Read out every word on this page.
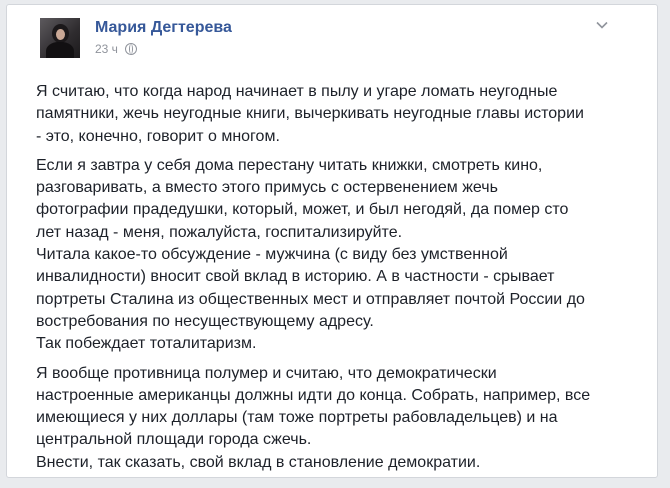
Мария Дегтерева
23 ч

Я считаю, что когда народ начинает в пылу и угаре ломать неугодные

памятники, жечь неугодные книги, вычеркивать неугодные главы истории

- это, конечно, говорит о многом.

Если я завтра у себя дома перестану читать книжки, смотреть кино,

разговаривать, а вместо этого примусь с остервенением жечь

фотографии прадедушки, который, может, и был негодяй, да помер сто

лет назад - меня, пожалуйста, госпитализируйте.

Читала какое-то обсуждение - мужчина (с виду без умственной

инвалидности) вносит свой вклад в историю. А в частности - срывает

портреты Сталина из общественных мест и отправляет почтой России до

востребования по несуществующему адресу.

Так побеждает тоталитаризм.

Я вообще противница полумер и считаю, что демократически

настроенные американцы должны идти до конца. Собрать, например, все

имеющиеся у них доллары (там тоже портреты рабовладельцев) и на

центральной площади города сжечь.

Внести, так сказать, свой вклад в становление демократии.
